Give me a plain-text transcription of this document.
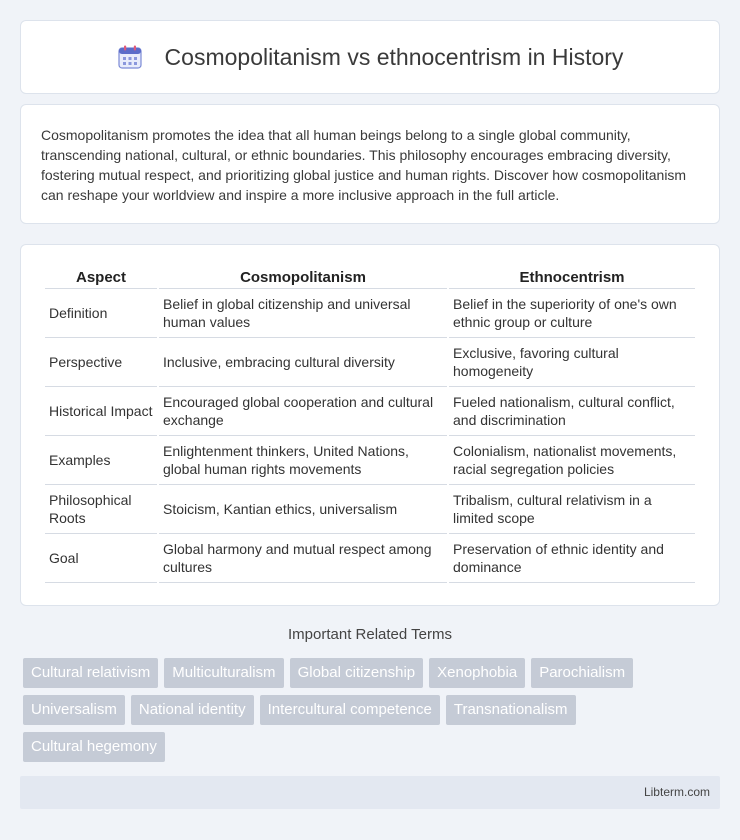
Cosmopolitanism vs ethnocentrism in History

Cosmopolitanism promotes the idea that all human beings belong to a single global community, transcending national, cultural, or ethnic boundaries. This philosophy encourages embracing diversity, fostering mutual respect, and prioritizing global justice and human rights. Discover how cosmopolitanism can reshape your worldview and inspire a more inclusive approach in the full article.

Aspect	Cosmopolitanism	Ethnocentrism
Definition	Belief in global citizenship and universal human values	Belief in the superiority of one's own ethnic group or culture
Perspective	Inclusive, embracing cultural diversity	Exclusive, favoring cultural homogeneity
Historical Impact	Encouraged global cooperation and cultural exchange	Fueled nationalism, cultural conflict, and discrimination
Examples	Enlightenment thinkers, United Nations, global human rights movements	Colonialism, nationalist movements, racial segregation policies
Philosophical Roots	Stoicism, Kantian ethics, universalism	Tribalism, cultural relativism in a limited scope
Goal	Global harmony and mutual respect among cultures	Preservation of ethnic identity and dominance
Important Related Terms
Cultural relativism	Multiculturalism	Global citizenship	Xenophobia	Parochialism
Universalism	National identity	Intercultural competence	Transnationalism
Cultural hegemony
Libterm.com
